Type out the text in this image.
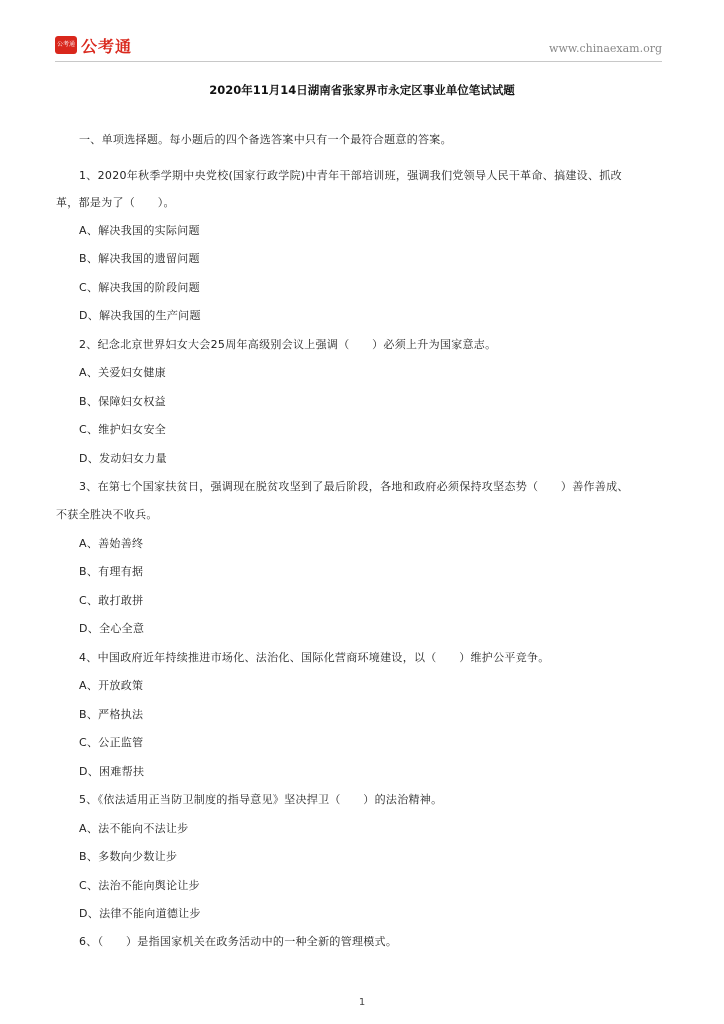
公考通 公考通	www.chinaexam.org
2020年11月14日湖南省张家界市永定区事业单位笔试试题
一、单项选择题。每小题后的四个备选答案中只有一个最符合题意的答案。
1、2020年秋季学期中央党校(国家行政学院)中青年干部培训班，强调我们党领导人民干革命、搞建设、抓改
革，都是为了（　　）。
A、解决我国的实际问题
B、解决我国的遗留问题
C、解决我国的阶段问题
D、解决我国的生产问题
2、纪念北京世界妇女大会25周年高级别会议上强调（　　）必须上升为国家意志。
A、关爱妇女健康
B、保障妇女权益
C、维护妇女安全
D、发动妇女力量
3、在第七个国家扶贫日，强调现在脱贫攻坚到了最后阶段，各地和政府必须保持攻坚态势（　　）善作善成、
不获全胜决不收兵。
A、善始善终
B、有理有据
C、敢打敢拼
D、全心全意
4、中国政府近年持续推进市场化、法治化、国际化营商环境建设，以（　　）维护公平竞争。
A、开放政策
B、严格执法
C、公正监管
D、困难帮扶
5、《依法适用正当防卫制度的指导意见》坚决捍卫（　　）的法治精神。
A、法不能向不法让步
B、多数向少数让步
C、法治不能向舆论让步
D、法律不能向道德让步
6、（　　）是指国家机关在政务活动中的一种全新的管理模式。
1
